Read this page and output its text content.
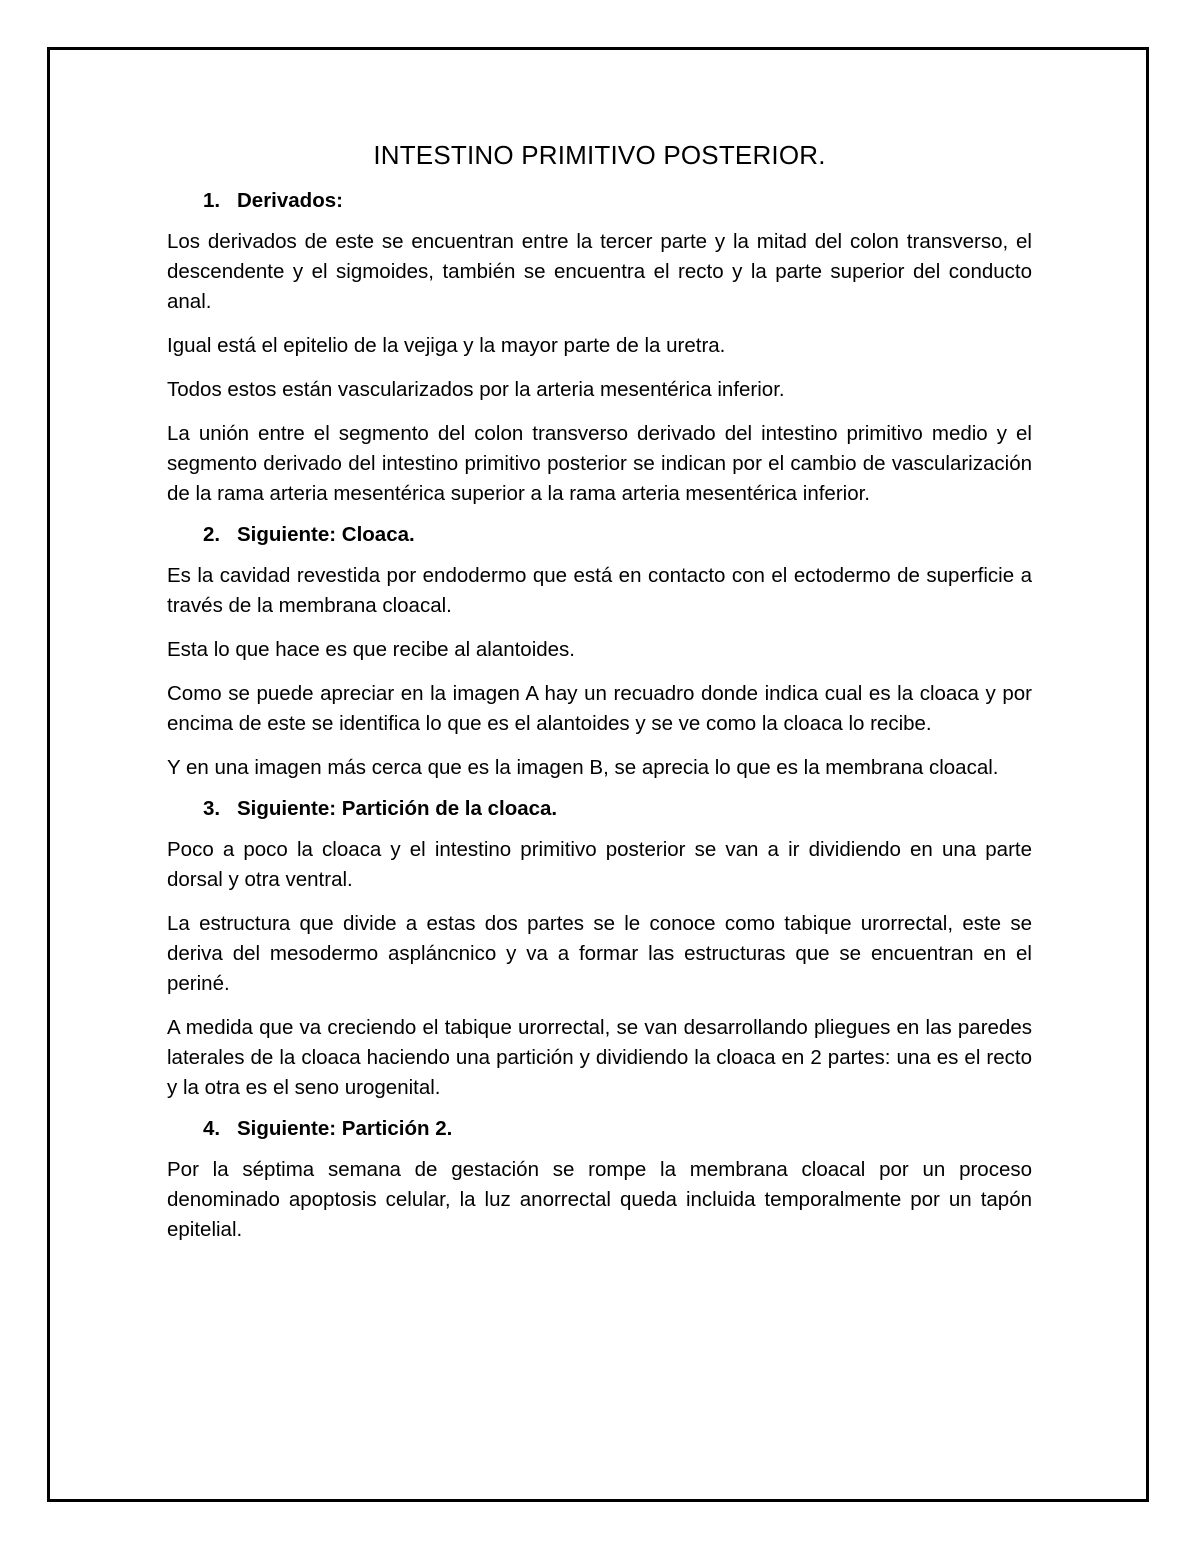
INTESTINO PRIMITIVO POSTERIOR.
1. Derivados:

Los derivados de este se encuentran entre la tercer parte y la mitad del colon transverso, el descendente y el sigmoides, también se encuentra el recto y la parte superior del conducto anal.

Igual está el epitelio de la vejiga y la mayor parte de la uretra.

Todos estos están vascularizados por la arteria mesentérica inferior.

La unión entre el segmento del colon transverso derivado del intestino primitivo medio y el segmento derivado del intestino primitivo posterior se indican por el cambio de vascularización de la rama arteria mesentérica superior a la rama arteria mesentérica inferior.

2. Siguiente: Cloaca.

Es la cavidad revestida por endodermo que está en contacto con el ectodermo de superficie a través de la membrana cloacal.

Esta lo que hace es que recibe al alantoides.

Como se puede apreciar en la imagen A hay un recuadro donde indica cual es la cloaca y por encima de este se identifica lo que es el alantoides y se ve como la cloaca lo recibe.

Y en una imagen más cerca que es la imagen B, se aprecia lo que es la membrana cloacal.

3. Siguiente: Partición de la cloaca.

Poco a poco la cloaca y el intestino primitivo posterior se van a ir dividiendo en una parte dorsal y otra ventral.

La estructura que divide a estas dos partes se le conoce como tabique urorrectal, este se deriva del mesodermo aspláncnico y va a formar las estructuras que se encuentran en el periné.

A medida que va creciendo el tabique urorrectal, se van desarrollando pliegues en las paredes laterales de la cloaca haciendo una partición y dividiendo la cloaca en 2 partes: una es el recto y la otra es el seno urogenital.

4. Siguiente: Partición 2.

Por la séptima semana de gestación se rompe la membrana cloacal por un proceso denominado apoptosis celular, la luz anorrectal queda incluida temporalmente por un tapón epitelial.
